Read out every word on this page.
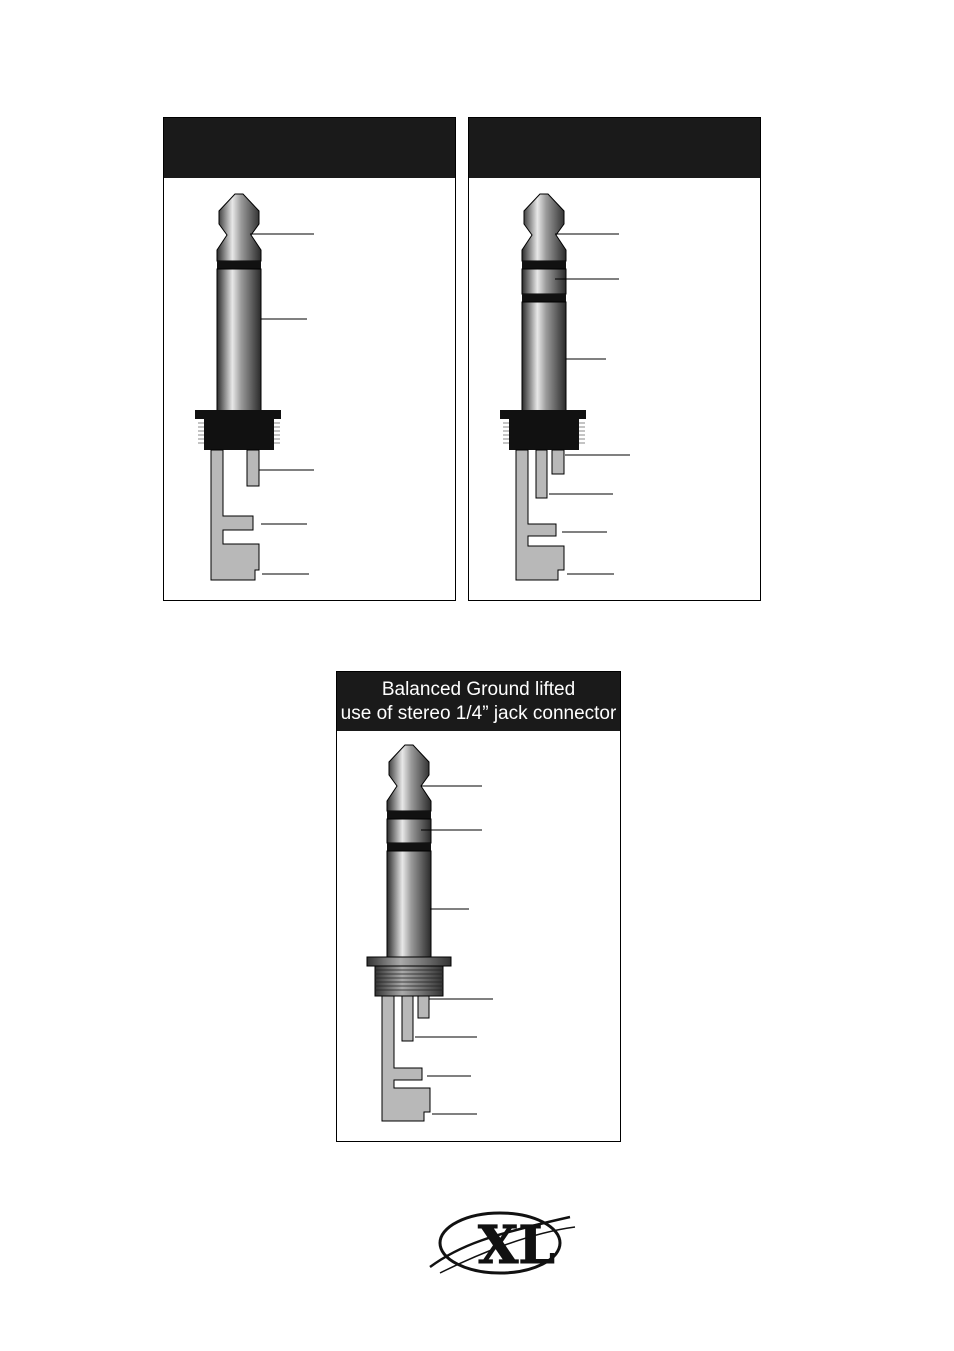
Balanced Ground lifted
use of stereo 1/4” jack connector
XL
